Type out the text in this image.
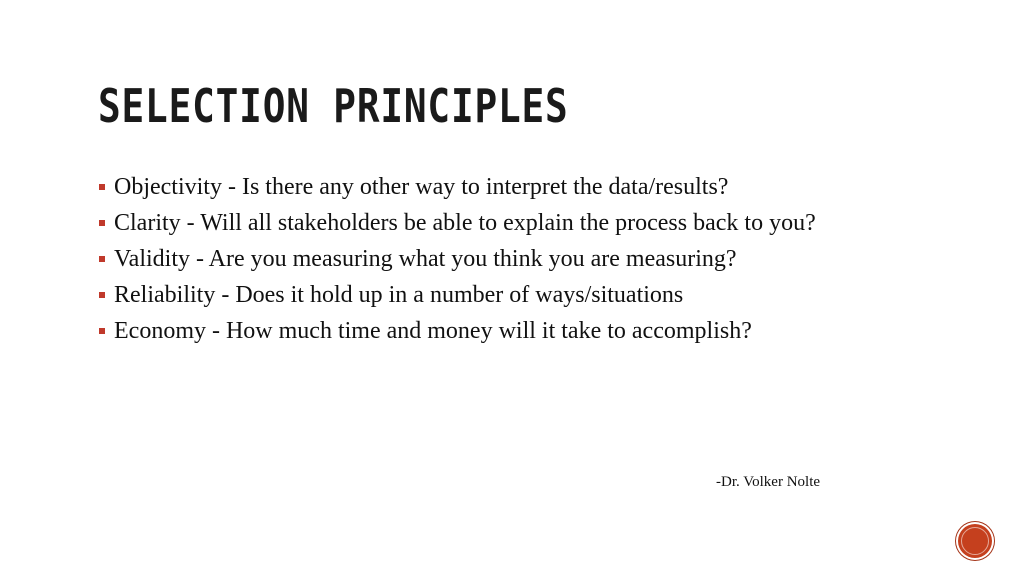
SELECTION PRINCIPLES
Objectivity - Is there any other way to interpret the data/results?
Clarity - Will all stakeholders be able to explain the process back to you?
Validity - Are you measuring what you think you are measuring?
Reliability - Does it hold up in a number of ways/situations
Economy - How much time and money will it take to accomplish?
-Dr. Volker Nolte
